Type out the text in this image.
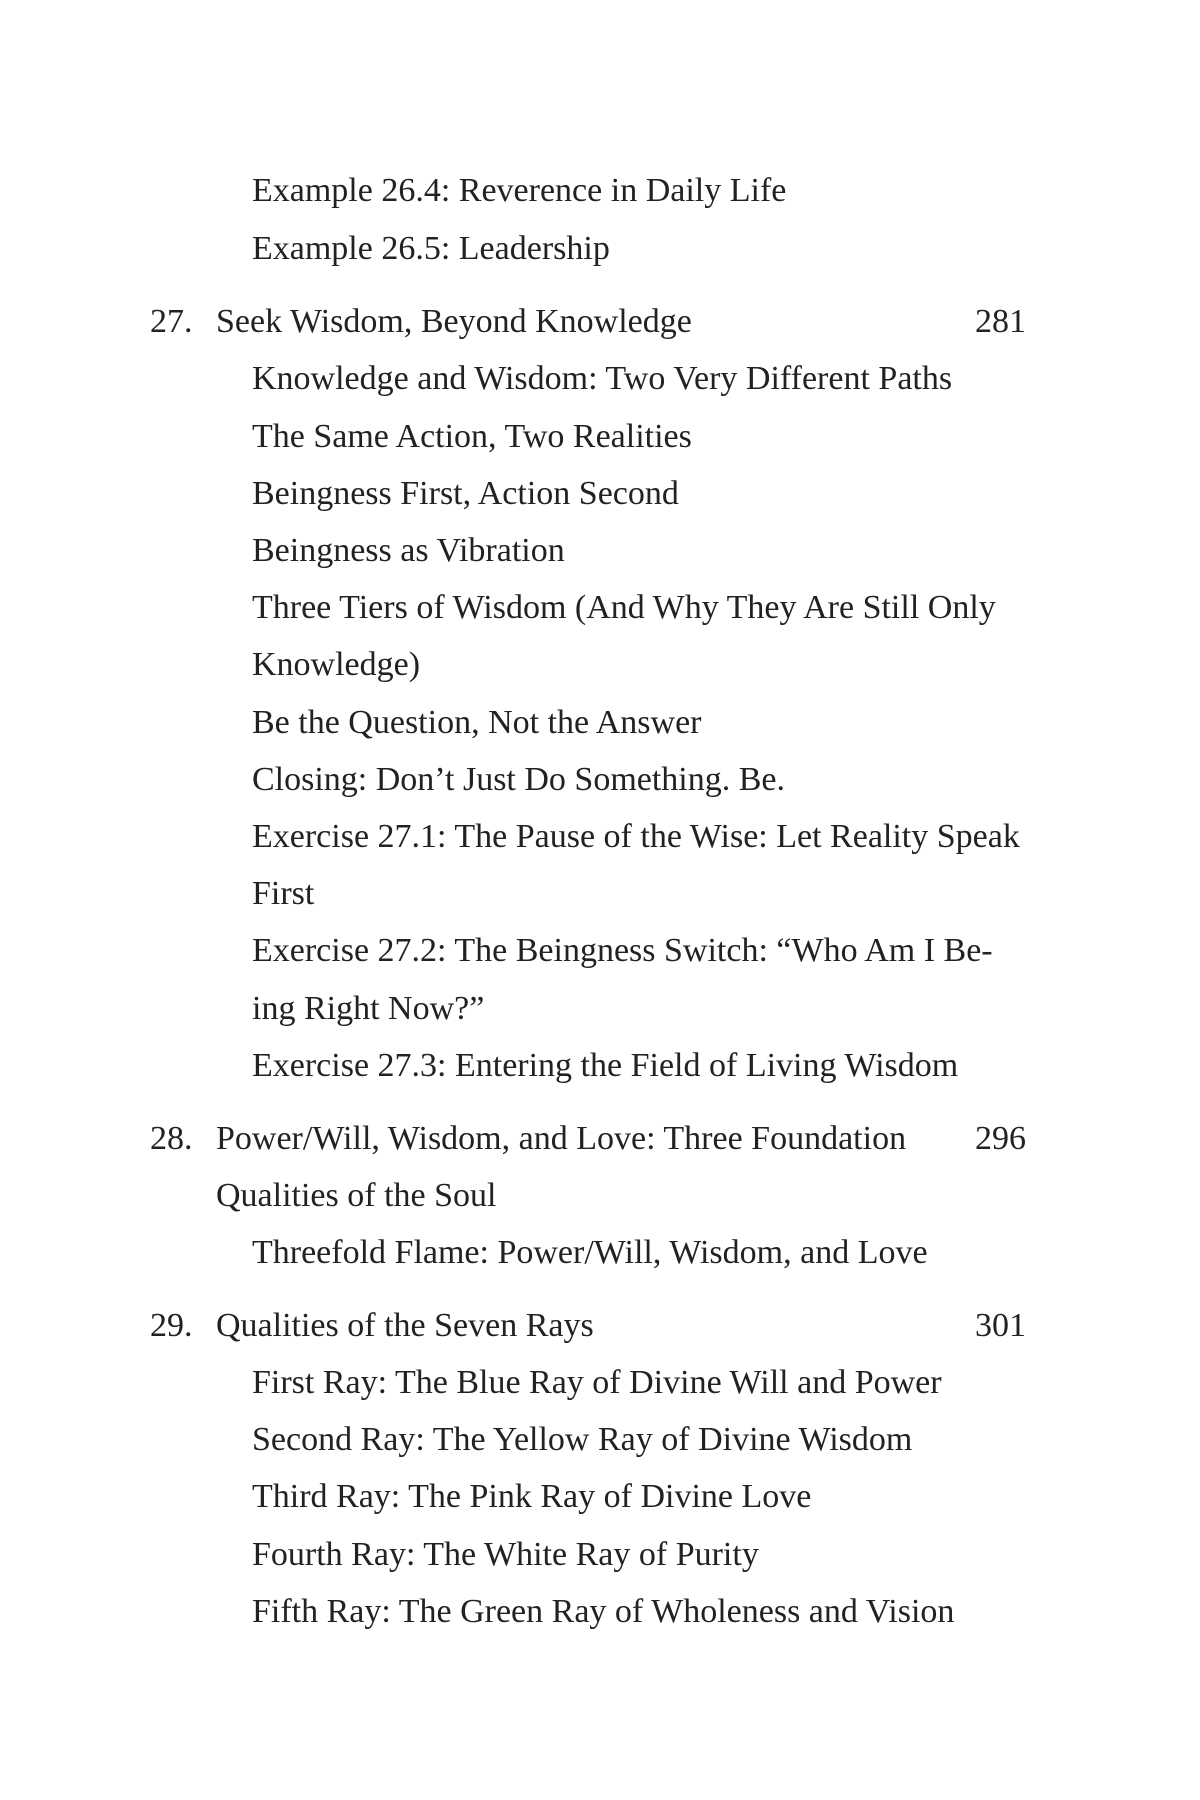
Example 26.4: Reverence in Daily Life
Example 26.5: Leadership
27. Seek Wisdom, Beyond Knowledge	281
Knowledge and Wisdom: Two Very Different Paths
The Same Action, Two Realities
Beingness First, Action Second
Beingness as Vibration
Three Tiers of Wisdom (And Why They Are Still Only
Knowledge)
Be the Question, Not the Answer
Closing: Don’t Just Do Something. Be.
Exercise 27.1: The Pause of the Wise: Let Reality Speak
First
Exercise 27.2: The Beingness Switch: “Who Am I Be-
ing Right Now?”
Exercise 27.3: Entering the Field of Living Wisdom
28. Power/Will, Wisdom, and Love: Three Foundation 296
Qualities of the Soul
Threefold Flame: Power/Will, Wisdom, and Love
29. Qualities of the Seven Rays	301
First Ray: The Blue Ray of Divine Will and Power
Second Ray: The Yellow Ray of Divine Wisdom
Third Ray: The Pink Ray of Divine Love
Fourth Ray: The White Ray of Purity
Fifth Ray: The Green Ray of Wholeness and Vision
